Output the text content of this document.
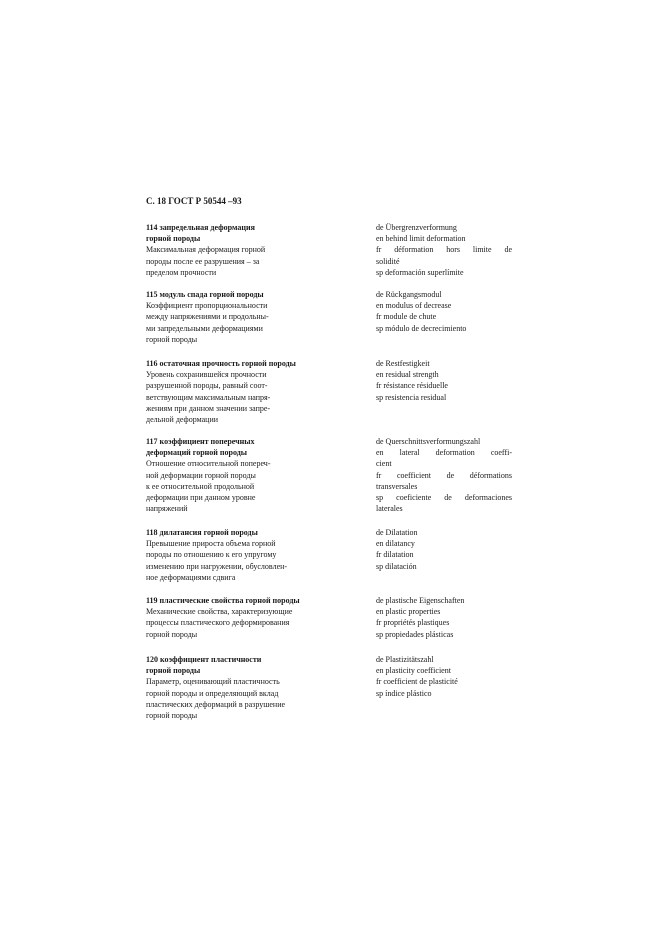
С. 18 ГОСТ Р 50544 –93
114 запредельная деформация
горной породы
Максимальная деформация горной
породы после ее разрушения – за
пределом прочности
de Übergrenzverformung
en behind limit deformation
fr déformation hors limite de
solidité
sp deformación superlímite
115 модуль спада горной породы
Коэффициент пропорциональности
между напряжениями и продольны-
ми запредельными деформациями
горной породы
de Rückgangsmodul
en modulus of decrease
fr module de chute
sp módulo de decrecimiento
116 остаточная прочность горной породы
Уровень сохранившейся прочности
разрушенной породы, равный соот-
ветствующим максимальным напря-
жениям при данном значении запре-
дельной деформации
de Restfestigkeit
en residual strength
fr résistance résiduelle
sp resistencia residual
117 коэффициент поперечных
деформаций горной породы
Отношение относительной попереч-
ной деформации горной породы
к ее относительной продольной
деформации при данном уровне
напряжений
de Querschnittsverformungszahl
en lateral deformation coeffi-
cient
fr coefficient de déformations
transversales
sp coeficiente de deformaciones
laterales
118 дилатансия горной породы
Превышение прироста объема горной
породы по отношению к его упругому
изменению при нагружении, обусловлен-
ное деформациями сдвига
de Dilatation
en dilatancy
fr dilatation
sp dilatación
119 пластические свойства горной породы
Механические свойства, характеризующие
процессы пластического деформирования
горной породы
de plastische Eigenschaften
en plastic properties
fr propriétés plastiques
sp propiedades plásticas
120 коэффициент пластичности
горной породы
Параметр, оценивающий пластичность
горной породы и определяющий вклад
пластических деформаций в разрушение
горной породы
de Plastizitätszahl
en plasticity coefficient
fr coefficient de plasticité
sp índice plástico
